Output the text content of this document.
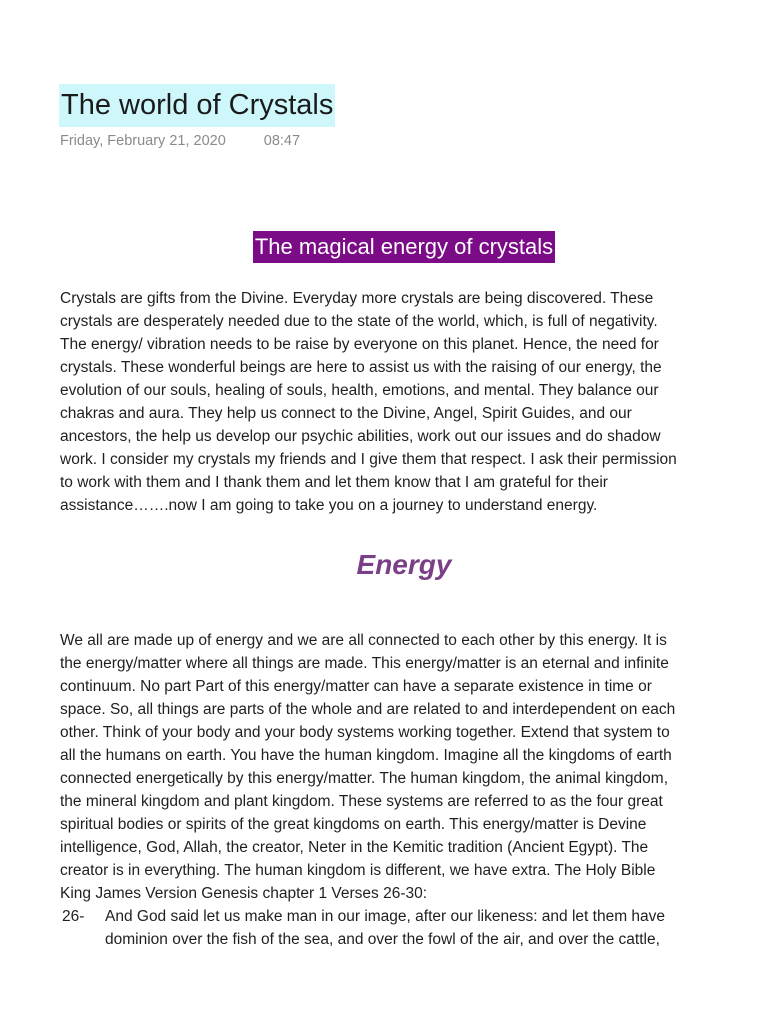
The world of Crystals
Friday, February 21, 2020	08:47
The magical energy of crystals
Crystals are gifts from the Divine. Everyday more crystals are being discovered. These
crystals are desperately needed due to the state of the world, which, is full of negativity.
The energy/ vibration needs to be raise by everyone on this planet. Hence, the need for
crystals. These wonderful beings are here to assist us with the raising of our energy, the
evolution of our souls, healing of souls, health, emotions, and mental. They balance our
chakras and aura. They help us connect to the Divine, Angel, Spirit Guides, and our
ancestors, the help us develop our psychic abilities, work out our issues and do shadow
work. I consider my crystals my friends and I give them that respect. I ask their permission
to work with them and I thank them and let them know that I am grateful for their
assistance…….now I am going to take you on a journey to understand energy.
Energy
We all are made up of energy and we are all connected to each other by this energy. It is
the energy/matter where all things are made. This energy/matter is an eternal and infinite
continuum. No part Part of this energy/matter can have a separate existence in time or
space. So, all things are parts of the whole and are related to and interdependent on each
other. Think of your body and your body systems working together. Extend that system to
all the humans on earth. You have the human kingdom. Imagine all the kingdoms of earth
connected energetically by this energy/matter. The human kingdom, the animal kingdom,
the mineral kingdom and plant kingdom. These systems are referred to as the four great
spiritual bodies or spirits of the great kingdoms on earth. This energy/matter is Devine
intelligence, God, Allah, the creator, Neter in the Kemitic tradition (Ancient Egypt). The
creator is in everything. The human kingdom is different, we have extra. The Holy Bible
King James Version Genesis chapter 1 Verses 26-30:
26-	And God said let us make man in our image, after our likeness: and let them have
dominion over the fish of the sea, and over the fowl of the air, and over the cattle,
